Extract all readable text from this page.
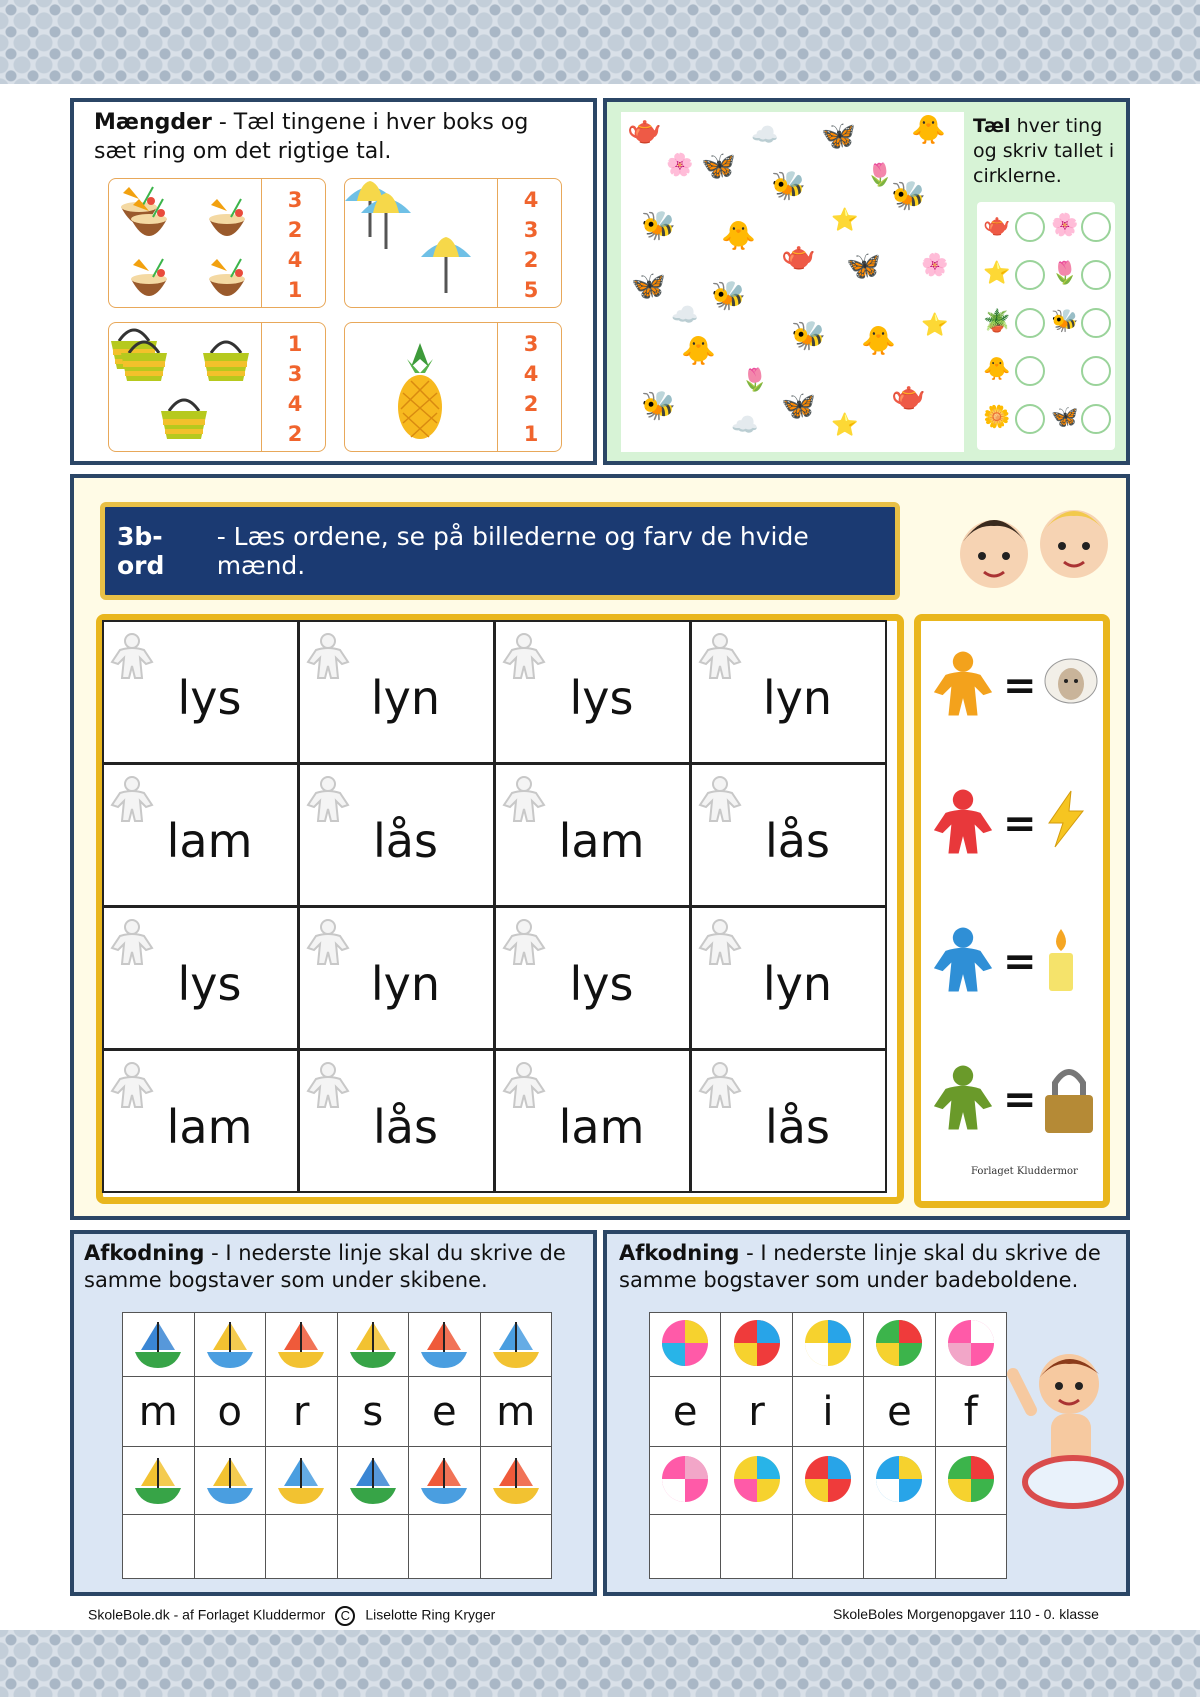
Mængder - Tæl tingene i hver boks og sæt ring om det rigtige tal.
3
2
4
1
4
3
2
5
1
3
4
2
3
4
2
1
🫖
🦋
🦋 🐥
🐝	🐝
🐝 🐥
🫖 🦋
🦋 🐝
🐝
🐥	🐥
🐝	🦋	🫖
🌸	🌷
🌸
🌷
⭐
⭐
☁️
☁️
⭐
☁️	Tæl hver ting og skriv tallet i cirklerne.
🫖 🌸
⭐ 🌷
🪴 🐝
🐥
🌼 🦋
3b-ord
- Læs ordene, se på billederne og farv de hvide mænd.
lys	lyn	lys	lyn
lam	lås	lam	lås
lys	lyn	lys	lyn
lam	lås	lam	lås
=
=
=
=
Forlaget Kluddermor
Afkodning - I nederste linje skal du skrive de samme bogstaver som under skibene.

m	o	r	s	e	m

Afkodning - I nederste linje skal du skrive de samme bogstaver som under badeboldene.

e	r	i	e	f

SkoleBole.dk - af Forlaget Kluddermor C Liselotte Ring Kryger	SkoleBoles Morgenopgaver 110 - 0. klasse
